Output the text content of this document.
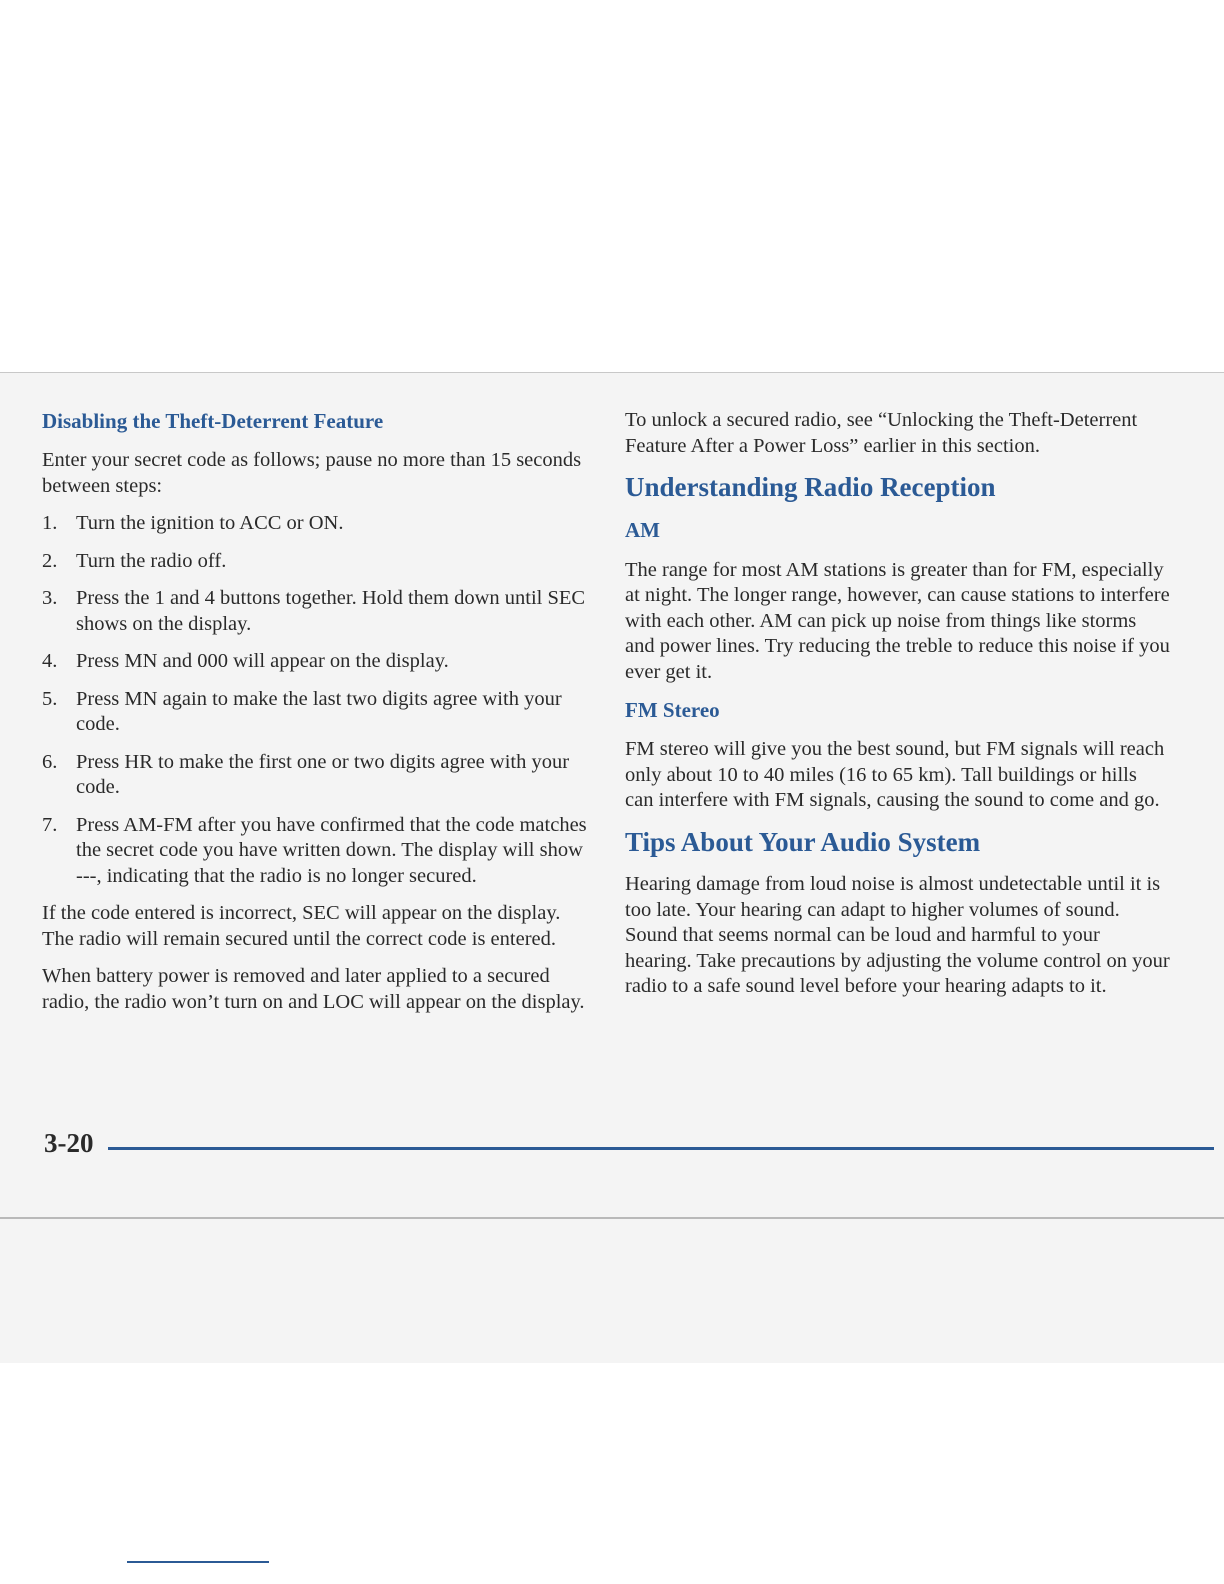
Disabling the Theft-Deterrent Feature

Enter your secret code as follows; pause no more than 15 seconds between steps:

1. Turn the ignition to ACC or ON.
2. Turn the radio off.
3. Press the 1 and 4 buttons together. Hold them down until SEC shows on the display.
4. Press MN and 000 will appear on the display.
5. Press MN again to make the last two digits agree with your code.
6. Press HR to make the first one or two digits agree with your code.
7. Press AM-FM after you have confirmed that the code matches the secret code you have written down. The display will show ---, indicating that the radio is no longer secured.

If the code entered is incorrect, SEC will appear on the display. The radio will remain secured until the correct code is entered.

When battery power is removed and later applied to a secured radio, the radio won’t turn on and LOC will appear on the display.

To unlock a secured radio, see “Unlocking the Theft-Deterrent Feature After a Power Loss” earlier in this section.

Understanding Radio Reception
AM

The range for most AM stations is greater than for FM, especially at night. The longer range, however, can cause stations to interfere with each other. AM can pick up noise from things like storms and power lines. Try reducing the treble to reduce this noise if you ever get it.

FM Stereo

FM stereo will give you the best sound, but FM signals will reach only about 10 to 40 miles (16 to 65 km). Tall buildings or hills can interfere with FM signals, causing the sound to come and go.

Tips About Your Audio System

Hearing damage from loud noise is almost undetectable until it is too late. Your hearing can adapt to higher volumes of sound. Sound that seems normal can be loud and harmful to your hearing. Take precautions by adjusting the volume control on your radio to a safe sound level before your hearing adapts to it.

3-20
